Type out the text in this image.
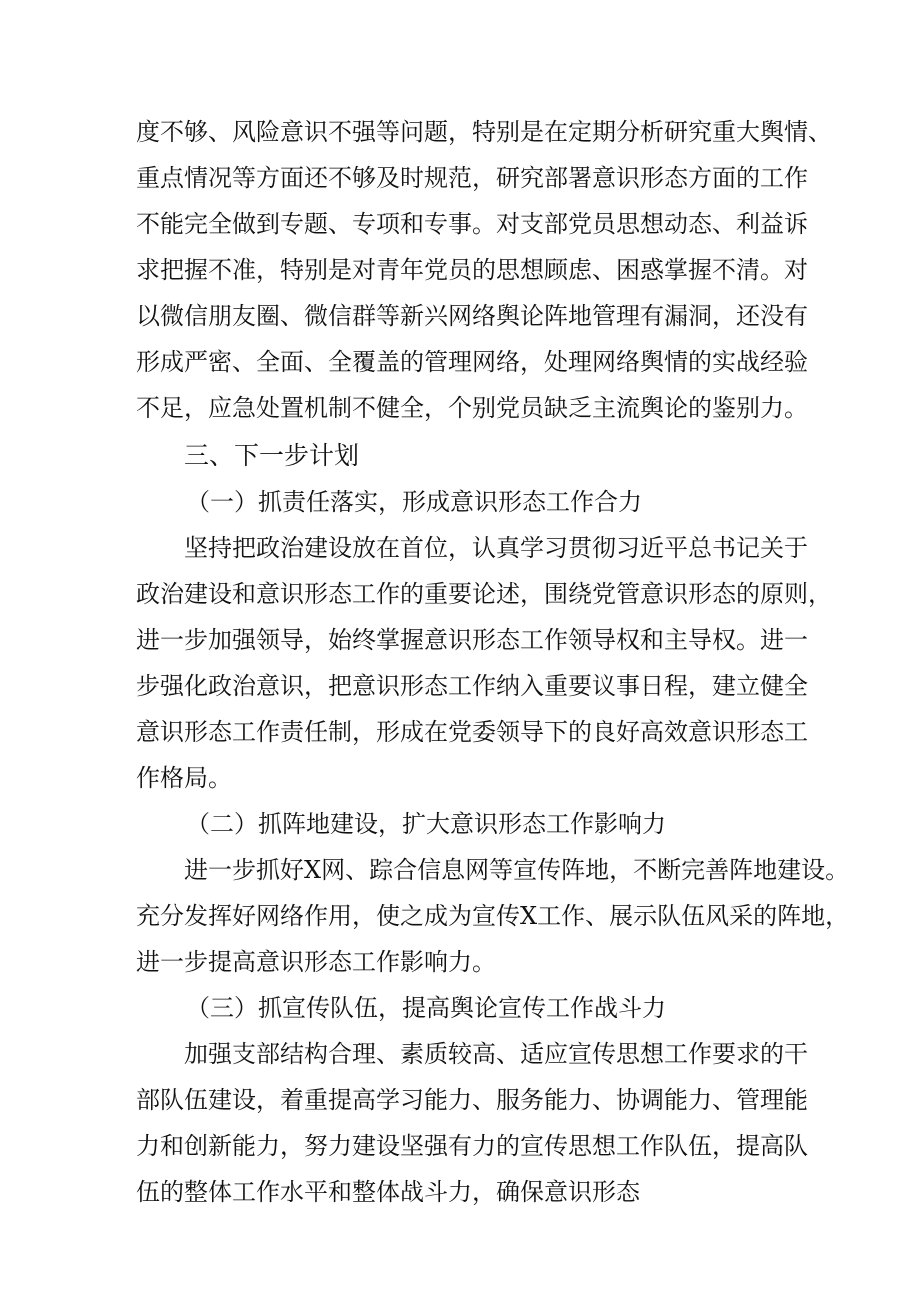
度不够、风险意识不强等问题，特别是在定期分析研究重大舆情、
重点情况等方面还不够及时规范，研究部署意识形态方面的工作
不能完全做到专题、专项和专事。对支部党员思想动态、利益诉
求把握不准，特别是对青年党员的思想顾虑、困惑掌握不清。对
以微信朋友圈、微信群等新兴网络舆论阵地管理有漏洞，还没有
形成严密、全面、全覆盖的管理网络，处理网络舆情的实战经验
不足，应急处置机制不健全，个别党员缺乏主流舆论的鉴别力。
三、下一步计划
（一）抓责任落实，形成意识形态工作合力
坚持把政治建设放在首位，认真学习贯彻习近平总书记关于
政治建设和意识形态工作的重要论述，围绕党管意识形态的原则，
进一步加强领导，始终掌握意识形态工作领导权和主导权。进一
步强化政治意识，把意识形态工作纳入重要议事日程，建立健全
意识形态工作责任制，形成在党委领导下的良好高效意识形态工
作格局。
（二）抓阵地建设，扩大意识形态工作影响力
进一步抓好X网、踪合信息网等宣传阵地，不断完善阵地建设。
充分发挥好网络作用，使之成为宣传X工作、展示队伍风采的阵地，
进一步提高意识形态工作影响力。
（三）抓宣传队伍，提高舆论宣传工作战斗力
加强支部结构合理、素质较高、适应宣传思想工作要求的干
部队伍建设，着重提高学习能力、服务能力、协调能力、管理能
力和创新能力，努力建设坚强有力的宣传思想工作队伍，提高队
伍的整体工作水平和整体战斗力，确保意识形态
